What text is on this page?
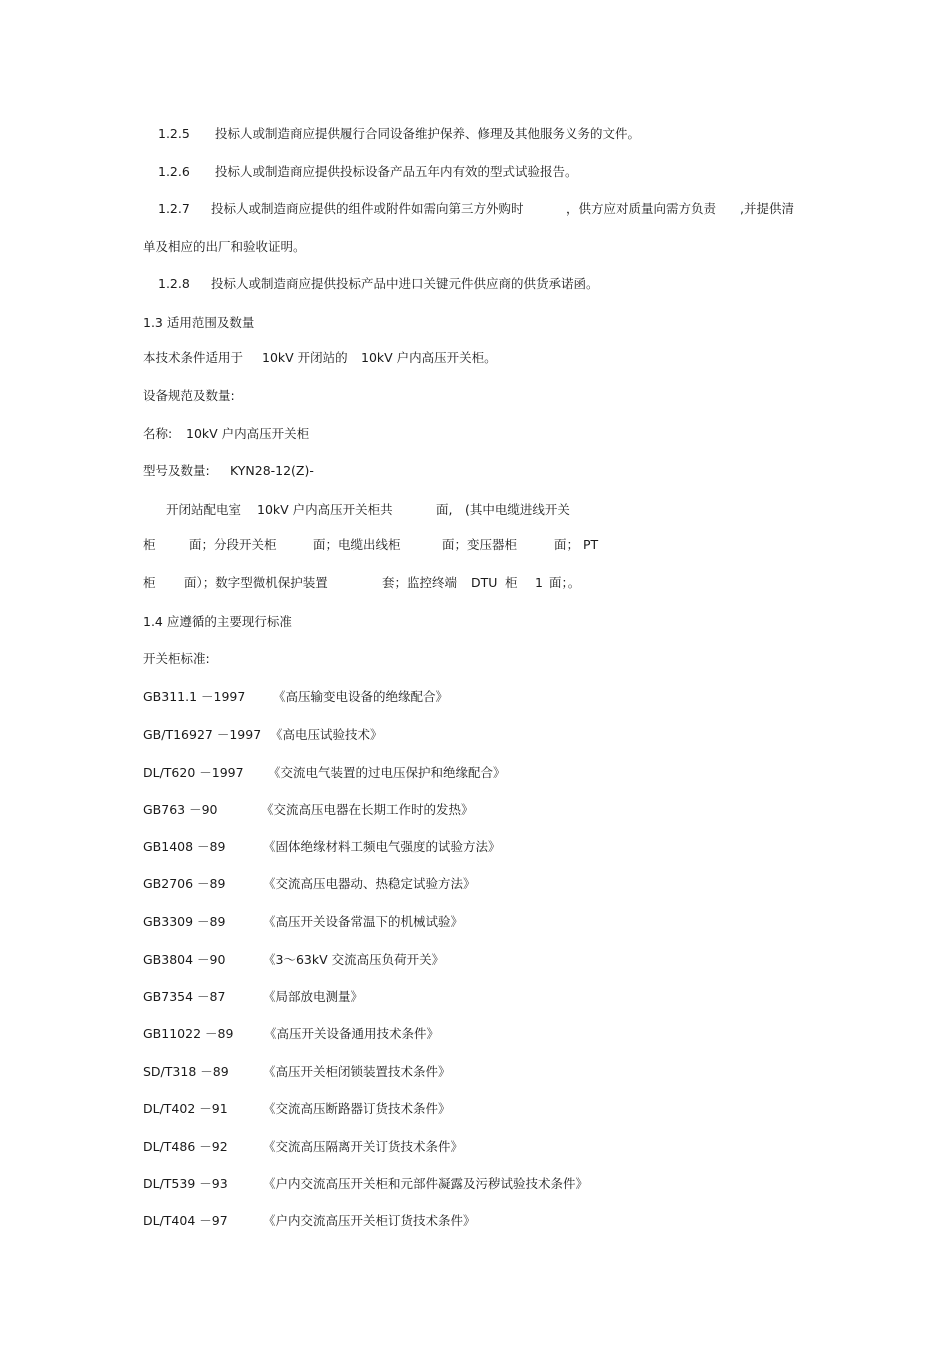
1.2.5 投标人或制造商应提供履行合同设备维护保养、修理及其他服务义务的文件。
1.2.6 投标人或制造商应提供投标设备产品五年内有效的型式试验报告。
1.2.7 投标人或制造商应提供的组件或附件如需向第三方外购时	，供方应对质量向需方负责 ,并提供清
单及相应的出厂和验收证明。
1.2.8 投标人或制造商应提供投标产品中进口关键元件供应商的供货承诺函。
1.3 适用范围及数量
本技术条件适用于 10kV 开闭站的 10kV 户内高压开关柜。
设备规范及数量:
名称: 10kV 户内高压开关柜
型号及数量: KYN28-12(Z)-
开闭站配电室 10kV 户内高压开关柜共	面, (其中电缆进线开关
柜	面；分段开关柜	面；电缆出线柜	面；变压器柜	面； PT
柜 面）；数字型微机保护装置	套；监控终端 DTU 柜 1 面；。
1.4 应遵循的主要现行标准
开关柜标准:
GB311.1 －1997 《高压输变电设备的绝缘配合》
GB/T16927 －1997 《高电压试验技术》
DL/T620 －1997 《交流电气装置的过电压保护和绝缘配合》
GB763 －90	《交流高压电器在长期工作时的发热》
GB1408 －89	《固体绝缘材料工频电气强度的试验方法》
GB2706 －89	《交流高压电器动、热稳定试验方法》
GB3309 －89	《高压开关设备常温下的机械试验》
GB3804 －90	《3～63kV 交流高压负荷开关》
GB7354 －87	《局部放电测量》
GB11022 －89 《高压开关设备通用技术条件》
SD/T318 －89	《高压开关柜闭锁装置技术条件》
DL/T402 －91	《交流高压断路器订货技术条件》
DL/T486 －92	《交流高压隔离开关订货技术条件》
DL/T539 －93	《户内交流高压开关柜和元部件凝露及污秽试验技术条件》
DL/T404 －97	《户内交流高压开关柜订货技术条件》
